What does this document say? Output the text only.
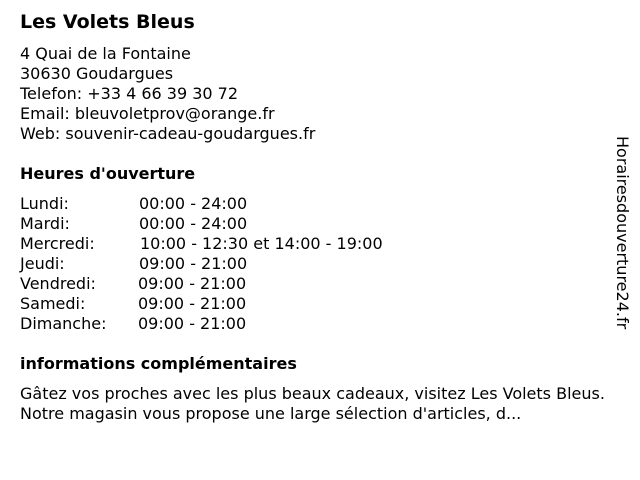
Les Volets Bleus
4 Quai de la Fontaine
30630 Goudargues
Telefon: +33 4 66 39 30 72
Email: bleuvoletprov@orange.fr
Web: souvenir-cadeau-goudargues.fr
Heures d'ouverture
Lundi:	00:00 - 24:00
Mardi:	00:00 - 24:00
Mercredi:	10:00 - 12:30 et 14:00 - 19:00
Jeudi:	09:00 - 21:00
Vendredi:	09:00 - 21:00
Samedi:	09:00 - 21:00
Dimanche: 09:00 - 21:00
informations complémentaires
Gâtez vos proches avec les plus beaux cadeaux, visitez Les Volets Bleus. Notre magasin vous propose une large sélection d'articles, d...
Horairesdouverture24.fr
